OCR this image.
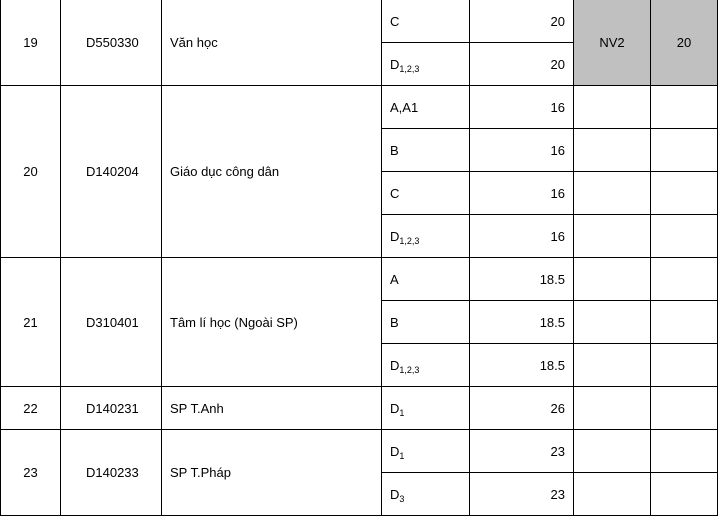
19	D550330	Văn học	C	20	NV2	20
			$D_{1,2,3}$	20		
20	D140204	Giáo dục công dân	A,A1	16		
			B	16		
			C	16		
			$D_{1,2,3}$	16		
21	D310401	Tâm lí học (Ngoài SP)	A	18.5		
			B	18.5		
			$D_{1,2,3}$	18.5		
22	D140231	SP T.Anh	$D_1$	26		
23	D140233	SP T.Pháp	$D_1$	23		
			$D_3$	23		
